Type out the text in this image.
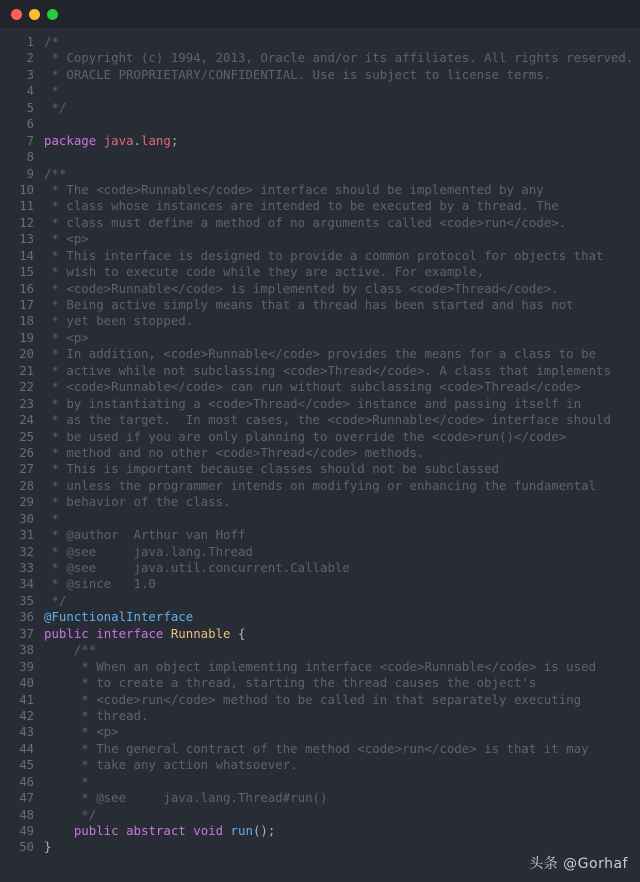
1 /*
2 * Copyright (c) 1994, 2013, Oracle and/or its affiliates. All rights reserved.
3 * ORACLE PROPRIETARY/CONFIDENTIAL. Use is subject to license terms.
4 *
5 */
6

7 package java.lang;
8

9 /**
10 * The <code>Runnable</code> interface should be implemented by any
11 * class whose instances are intended to be executed by a thread. The
12 * class must define a method of no arguments called <code>run</code>.
13 * <p>
14 * This interface is designed to provide a common protocol for objects that
15 * wish to execute code while they are active. For example,
16 * <code>Runnable</code> is implemented by class <code>Thread</code>.
17 * Being active simply means that a thread has been started and has not
18 * yet been stopped.
19 * <p>
20 * In addition, <code>Runnable</code> provides the means for a class to be
21 * active while not subclassing <code>Thread</code>. A class that implements
22 * <code>Runnable</code> can run without subclassing <code>Thread</code>
23 * by instantiating a <code>Thread</code> instance and passing itself in
24 * as the target.  In most cases, the <code>Runnable</code> interface should
25 * be used if you are only planning to override the <code>run()</code>
26 * method and no other <code>Thread</code> methods.
27 * This is important because classes should not be subclassed
28 * unless the programmer intends on modifying or enhancing the fundamental
29 * behavior of the class.
30 *
31 * @author  Arthur van Hoff
32 * @see     java.lang.Thread
33 * @see     java.util.concurrent.Callable
34 * @since   1.0
35 */
36 @FunctionalInterface
37 public interface Runnable {
38 /**
39 * When an object implementing interface <code>Runnable</code> is used
40 * to create a thread, starting the thread causes the object's
41 * <code>run</code> method to be called in that separately executing
42 * thread.
43 * <p>
44 * The general contract of the method <code>run</code> is that it may
45 * take any action whatsoever.
46 *
47 * @see     java.lang.Thread#run()
48 */
49	public abstract void run();
50 }
头条 @Gorhaf
